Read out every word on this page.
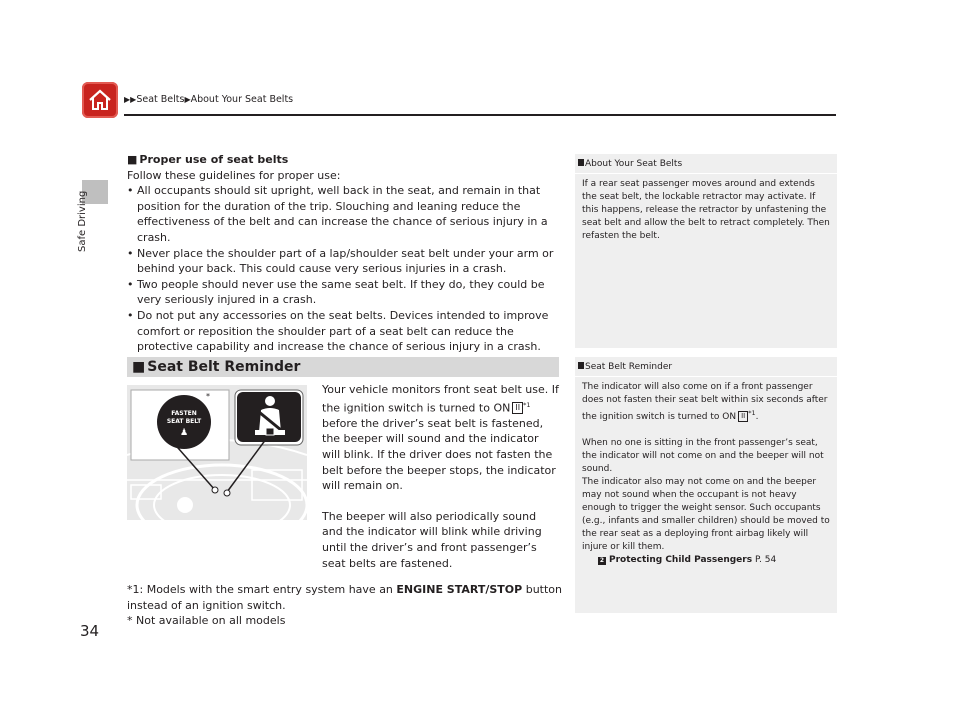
▶▶Seat Belts▶About Your Seat Belts
Safe Driving
34
■ Proper use of seat belts
Follow these guidelines for proper use:
• All occupants should sit upright, well back in the seat, and remain in that position for the duration of the trip. Slouching and leaning reduce the effectiveness of the belt and can increase the chance of serious injury in a crash.
• Never place the shoulder part of a lap/shoulder seat belt under your arm or behind your back. This could cause very serious injuries in a crash.
• Two people should never use the same seat belt. If they do, they could be very seriously injured in a crash.
• Do not put any accessories on the seat belts. Devices intended to improve comfort or reposition the shoulder part of a seat belt can reduce the protective capability and increase the chance of serious injury in a crash.
■ Seat Belt Reminder
FASTEN
SEAT BELT
♟
*
Your vehicle monitors front seat belt use. If the ignition switch is turned to ON II $^{*1}$ before the driver’s seat belt is fastened, the beeper will sound and the indicator will blink. If the driver does not fasten the belt before the beeper stops, the indicator will remain on.
The beeper will also periodically sound and the indicator will blink while driving until the driver’s and front passenger’s seat belts are fastened.
*1: Models with the smart entry system have an ENGINE START/STOP button instead of an ignition switch.
* Not available on all models
About Your Seat Belts
If a rear seat passenger moves around and extends the seat belt, the lockable retractor may activate. If this happens, release the retractor by unfastening the seat belt and allow the belt to retract completely. Then refasten the belt.
Seat Belt Reminder
The indicator will also come on if a front passenger does not fasten their seat belt within six seconds after the ignition switch is turned to ON II $^{*1}$.
When no one is sitting in the front passenger’s seat, the indicator will not come on and the beeper will not sound.
The indicator also may not come on and the beeper may not sound when the occupant is not heavy enough to trigger the weight sensor. Such occupants (e.g., infants and smaller children) should be moved to the rear seat as a deploying front airbag likely will injure or kill them.
2 Protecting Child Passengers P. 54
